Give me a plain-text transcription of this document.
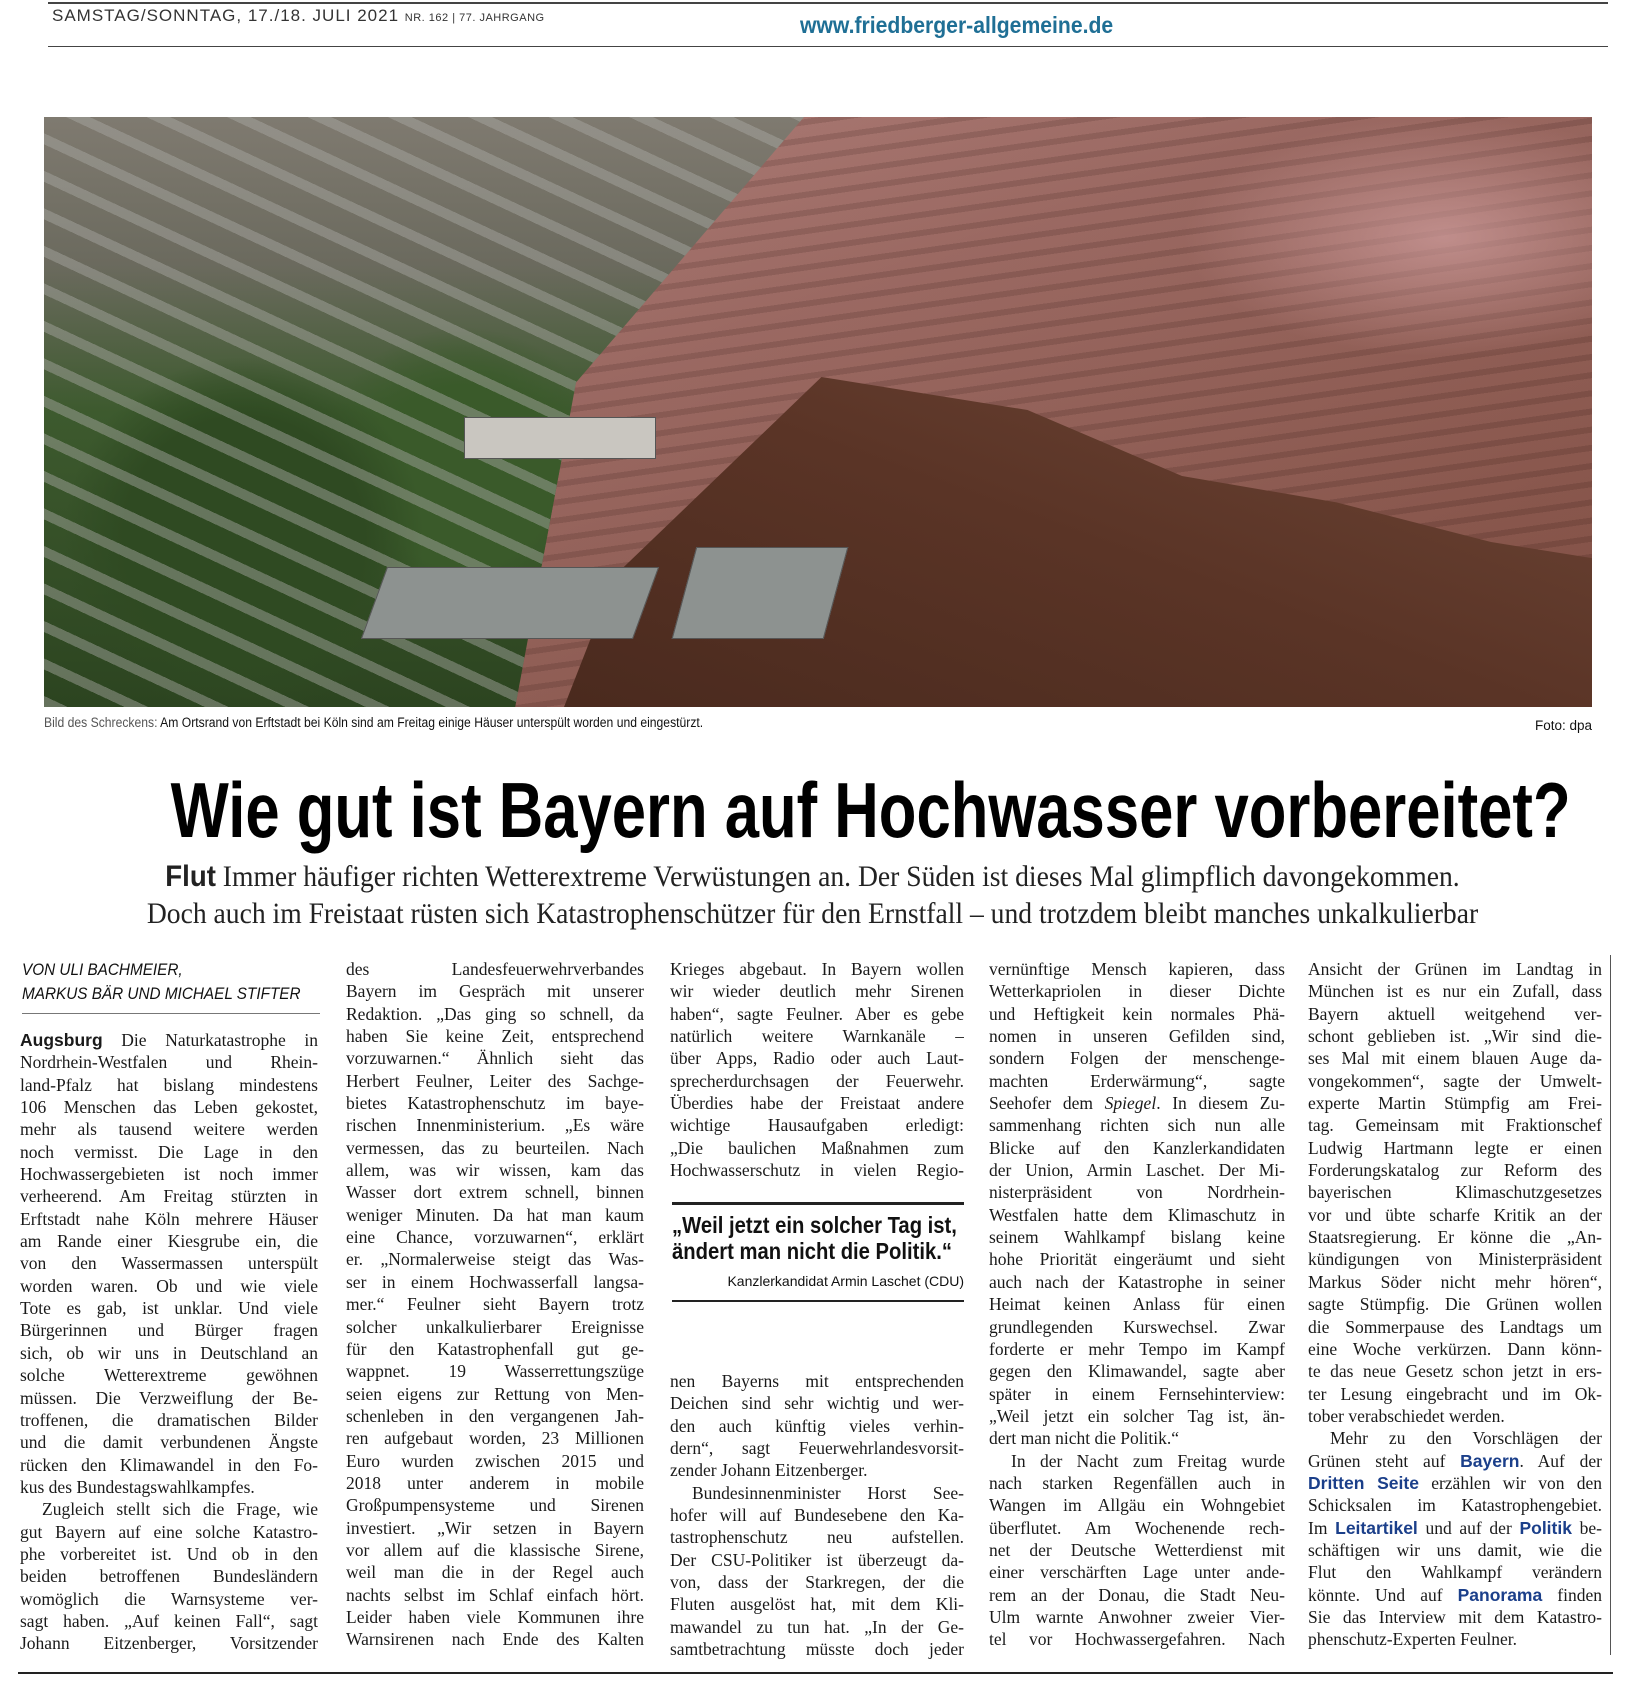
SAMSTAG/SONNTAG, 17./18. JULI 2021 NR. 162 | 77. JAHRGANG	www.friedberger-allgemeine.de
Bild des Schreckens: Am Ortsrand von Erftstadt bei Köln sind am Freitag einige Häuser unterspült worden und eingestürzt.	Foto: dpa
Wie gut ist Bayern auf Hochwasser vorbereitet?
Flut Immer häufiger richten Wetterextreme Verwüstungen an. Der Süden ist dieses Mal glimpflich davongekommen.
Doch auch im Freistaat rüsten sich Katastrophenschützer für den Ernstfall – und trotzdem bleibt manches unkalkulierbar
VON ULI BACHMEIER,
MARKUS BÄR UND MICHAEL STIFTER
Augsburg Die Naturkatastrophe in
Nordrhein-Westfalen und Rhein-
land-Pfalz hat bislang mindestens
106 Menschen das Leben gekostet,
mehr als tausend weitere werden
noch vermisst. Die Lage in den
Hochwassergebieten ist noch immer
verheerend. Am Freitag stürzten in
Erftstadt nahe Köln mehrere Häuser
am Rande einer Kiesgrube ein, die
von den Wassermassen unterspült
worden waren. Ob und wie viele
Tote es gab, ist unklar. Und viele
Bürgerinnen und Bürger fragen
sich, ob wir uns in Deutschland an
solche Wetterextreme gewöhnen
müssen. Die Verzweiflung der Be-
troffenen, die dramatischen Bilder
und die damit verbundenen Ängste
rücken den Klimawandel in den Fo-
kus des Bundestagswahlkampfes.
Zugleich stellt sich die Frage, wie
gut Bayern auf eine solche Katastro-
phe vorbereitet ist. Und ob in den
beiden betroffenen Bundesländern
womöglich die Warnsysteme ver-
sagt haben. „Auf keinen Fall“, sagt
Johann Eitzenberger, Vorsitzender
des Landesfeuerwehrverbandes
Bayern im Gespräch mit unserer
Redaktion. „Das ging so schnell, da
haben Sie keine Zeit, entsprechend
vorzuwarnen.“ Ähnlich sieht das
Herbert Feulner, Leiter des Sachge-
bietes Katastrophenschutz im baye-
rischen Innenministerium. „Es wäre
vermessen, das zu beurteilen. Nach
allem, was wir wissen, kam das
Wasser dort extrem schnell, binnen
weniger Minuten. Da hat man kaum
eine Chance, vorzuwarnen“, erklärt
er. „Normalerweise steigt das Was-
ser in einem Hochwasserfall langsa-
mer.“ Feulner sieht Bayern trotz
solcher unkalkulierbarer Ereignisse
für den Katastrophenfall gut ge-
wappnet. 19 Wasserrettungszüge
seien eigens zur Rettung von Men-
schenleben in den vergangenen Jah-
ren aufgebaut worden, 23 Millionen
Euro wurden zwischen 2015 und
2018 unter anderem in mobile
Großpumpensysteme und Sirenen
investiert. „Wir setzen in Bayern
vor allem auf die klassische Sirene,
weil man die in der Regel auch
nachts selbst im Schlaf einfach hört.
Leider haben viele Kommunen ihre
Warnsirenen nach Ende des Kalten
Krieges abgebaut. In Bayern wollen
wir wieder deutlich mehr Sirenen
haben“, sagte Feulner. Aber es gebe
natürlich weitere Warnkanäle –
über Apps, Radio oder auch Laut-
sprecherdurchsagen der Feuerwehr.
Überdies habe der Freistaat andere
wichtige Hausaufgaben erledigt:
„Die baulichen Maßnahmen zum
Hochwasserschutz in vielen Regio-
„Weil jetzt ein solcher Tag ist, ändert man nicht die Politik.“
Kanzlerkandidat Armin Laschet (CDU)
nen Bayerns mit entsprechenden
Deichen sind sehr wichtig und wer-
den auch künftig vieles verhin-
dern“, sagt Feuerwehrlandesvorsit-
zender Johann Eitzenberger.
Bundesinnenminister Horst See-
hofer will auf Bundesebene den Ka-
tastrophenschutz neu aufstellen.
Der CSU-Politiker ist überzeugt da-
von, dass der Starkregen, der die
Fluten ausgelöst hat, mit dem Kli-
mawandel zu tun hat. „In der Ge-
samtbetrachtung müsste doch jeder
vernünftige Mensch kapieren, dass
Wetterkapriolen in dieser Dichte
und Heftigkeit kein normales Phä-
nomen in unseren Gefilden sind,
sondern Folgen der menschenge-
machten Erderwärmung“, sagte
Seehofer dem Spiegel. In diesem Zu-
sammenhang richten sich nun alle
Blicke auf den Kanzlerkandidaten
der Union, Armin Laschet. Der Mi-
nisterpräsident von Nordrhein-
Westfalen hatte dem Klimaschutz in
seinem Wahlkampf bislang keine
hohe Priorität eingeräumt und sieht
auch nach der Katastrophe in seiner
Heimat keinen Anlass für einen
grundlegenden Kurswechsel. Zwar
forderte er mehr Tempo im Kampf
gegen den Klimawandel, sagte aber
später in einem Fernsehinterview:
„Weil jetzt ein solcher Tag ist, än-
dert man nicht die Politik.“
In der Nacht zum Freitag wurde
nach starken Regenfällen auch in
Wangen im Allgäu ein Wohngebiet
überflutet. Am Wochenende rech-
net der Deutsche Wetterdienst mit
einer verschärften Lage unter ande-
rem an der Donau, die Stadt Neu-
Ulm warnte Anwohner zweier Vier-
tel vor Hochwassergefahren. Nach
Ansicht der Grünen im Landtag in
München ist es nur ein Zufall, dass
Bayern aktuell weitgehend ver-
schont geblieben ist. „Wir sind die-
ses Mal mit einem blauen Auge da-
vongekommen“, sagte der Umwelt-
experte Martin Stümpfig am Frei-
tag. Gemeinsam mit Fraktionschef
Ludwig Hartmann legte er einen
Forderungskatalog zur Reform des
bayerischen Klimaschutzgesetzes
vor und übte scharfe Kritik an der
Staatsregierung. Er könne die „An-
kündigungen von Ministerpräsident
Markus Söder nicht mehr hören“,
sagte Stümpfig. Die Grünen wollen
die Sommerpause des Landtags um
eine Woche verkürzen. Dann könn-
te das neue Gesetz schon jetzt in ers-
ter Lesung eingebracht und im Ok-
tober verabschiedet werden.
Mehr zu den Vorschlägen der
Grünen steht auf Bayern. Auf der
Dritten Seite erzählen wir von den
Schicksalen im Katastrophengebiet.
Im Leitartikel und auf der Politik be-
schäftigen wir uns damit, wie die
Flut den Wahlkampf verändern
könnte. Und auf Panorama finden
Sie das Interview mit dem Katastro-
phenschutz-Experten Feulner.
